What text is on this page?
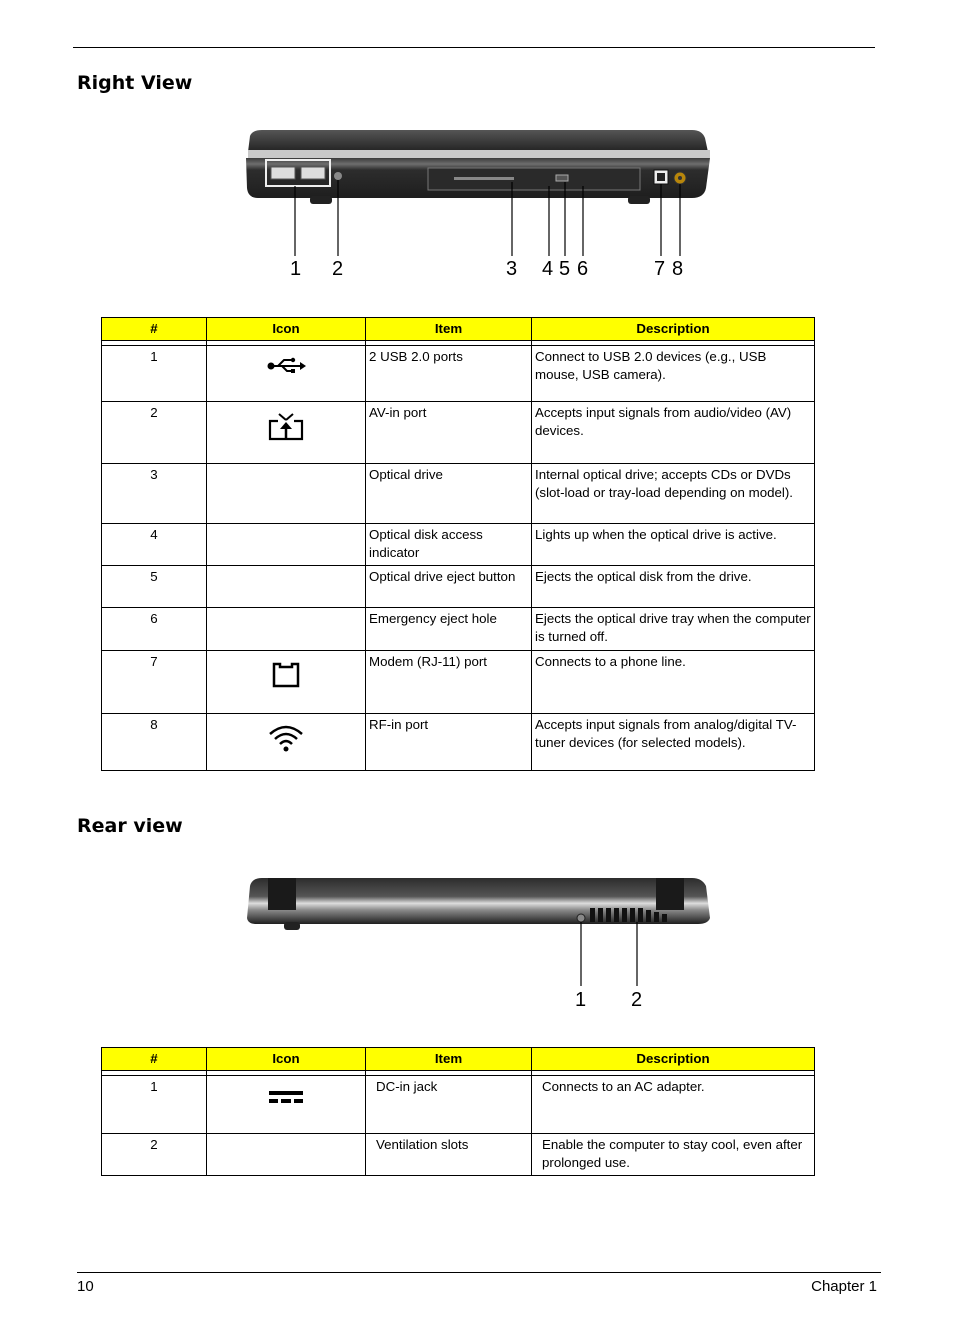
Right View
1 2	3 4 5 6	7 8
#	Icon	Item	Description

1		2 USB 2.0 ports	Connect to USB 2.0 devices (e.g., USB mouse, USB camera).
2		AV-in port	Accepts input signals from audio/video (AV) devices.
3		Optical drive	Internal optical drive; accepts CDs or DVDs (slot-load or tray-load depending on model).
4		Optical disk access indicator	Lights up when the optical drive is active.
5		Optical drive eject button	Ejects the optical disk from the drive.
6		Emergency eject hole	Ejects the optical drive tray when the computer is turned off.
7		Modem (RJ-11) port	Connects to a phone line.
8		RF-in port	Accepts input signals from analog/digital TV-tuner devices (for selected models).
Rear view
1 2
#	Icon	Item	Description

1		DC-in jack	Connects to an AC adapter.
2		Ventilation slots	Enable the computer to stay cool, even after prolonged use.
10	Chapter 1
